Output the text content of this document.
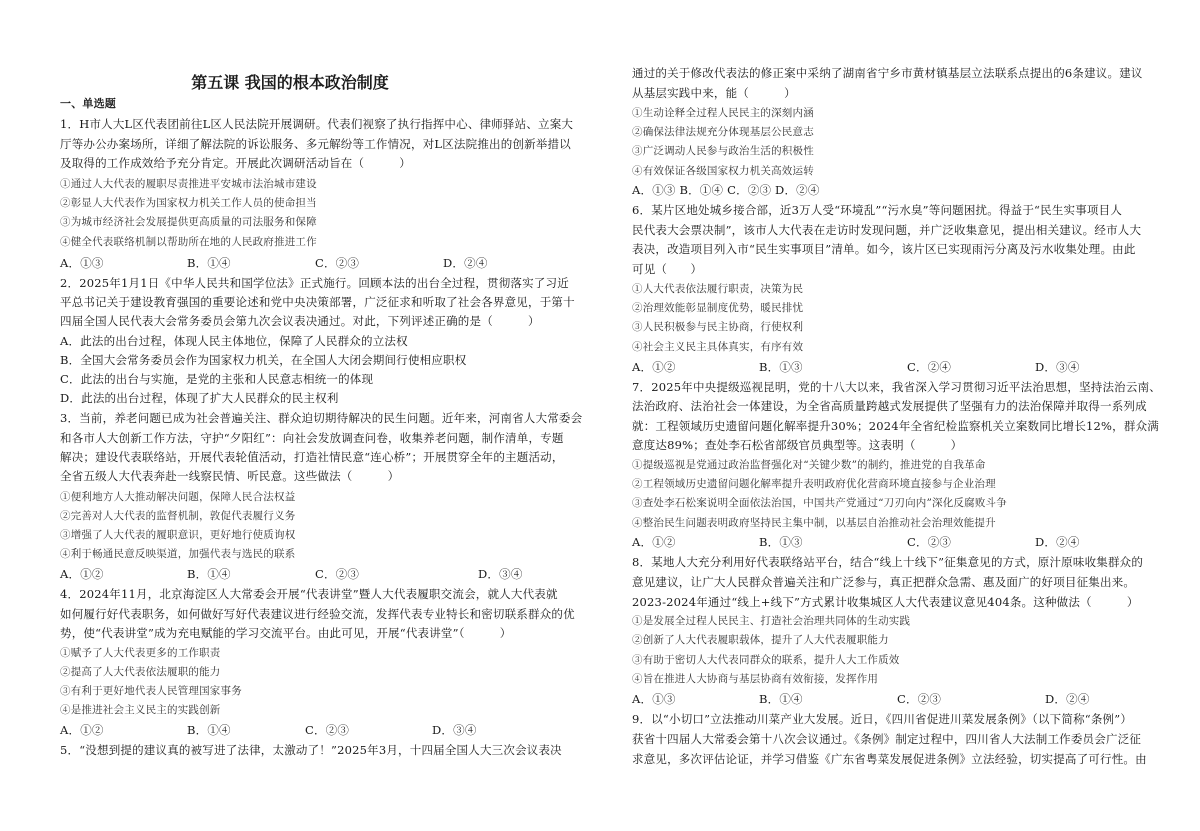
第五课 我国的根本政治制度
一、单选题
1．H市人大L区代表团前往L区人民法院开展调研。代表们视察了执行指挥中心、律师驿站、立案大
厅等办公办案场所，详细了解法院的诉讼服务、多元解纷等工作情况，对L区法院推出的创新举措以
及取得的工作成效给予充分肯定。开展此次调研活动旨在（　　　）
①通过人大代表的履职尽责推进平安城市法治城市建设
②彰显人大代表作为国家权力机关工作人员的使命担当
③为城市经济社会发展提供更高质量的司法服务和保障
④健全代表联络机制以帮助所在地的人民政府推进工作
A．①③	B．①④	C．②③	D．②④
2．2025年1月1日《中华人民共和国学位法》正式施行。回顾本法的出台全过程，贯彻落实了习近
平总书记关于建设教育强国的重要论述和党中央决策部署，广泛征求和听取了社会各界意见，于第十
四届全国人民代表大会常务委员会第九次会议表决通过。对此，下列评述正确的是（　　　）
A．此法的出台过程，体现人民主体地位，保障了人民群众的立法权
B．全国大会常务委员会作为国家权力机关，在全国人大闭会期间行使相应职权
C．此法的出台与实施，是党的主张和人民意志相统一的体现
D．此法的出台过程，体现了扩大人民群众的民主权利
3．当前，养老问题已成为社会普遍关注、群众迫切期待解决的民生问题。近年来，河南省人大常委会
和各市人大创新工作方法，守护“夕阳红”：向社会发放调查问卷，收集养老问题，制作清单，专题
解决；建设代表联络站，开展代表轮值活动，打造社情民意“连心桥”；开展贯穿全年的主题活动，
全省五级人大代表奔赴一线察民情、听民意。这些做法（　　　）
①便利地方人大推动解决问题，保障人民合法权益
②完善对人大代表的监督机制，敦促代表履行义务
③增强了人大代表的履职意识，更好地行使质询权
④利于畅通民意反映渠道，加强代表与选民的联系
A．①②	B．①④	C．②③	D．③④
4．2024年11月，北京海淀区人大常委会开展“代表讲堂”暨人大代表履职交流会，就人大代表就
如何履行好代表职务，如何做好写好代表建议进行经验交流，发挥代表专业特长和密切联系群众的优
势，使“代表讲堂”成为充电赋能的学习交流平台。由此可见，开展“代表讲堂”（　　　）
①赋予了人大代表更多的工作职责
②提高了人大代表依法履职的能力
③有利于更好地代表人民管理国家事务
④是推进社会主义民主的实践创新
A．①②	B．①④	C．②③	D．③④
5．“没想到提的建议真的被写进了法律，太激动了！”2025年3月，十四届全国人大三次会议表决
通过的关于修改代表法的修正案中采纳了湖南省宁乡市黄材镇基层立法联系点提出的6条建议。建议
从基层实践中来，能（　　　）
①生动诠释全过程人民民主的深刻内涵
②确保法律法规充分体现基层公民意志
③广泛调动人民参与政治生活的积极性
④有效保证各级国家权力机关高效运转
A．①③ B．①④ C．②③ D．②④
6．某片区地处城乡接合部，近3万人受“环境乱”“污水臭”等问题困扰。得益于“民生实事项目人
民代表大会票决制”，该市人大代表在走访时发现问题，并广泛收集意见，提出相关建议。经市人大
表决，改造项目列入市“民生实事项目”清单。如今，该片区已实现雨污分离及污水收集处理。由此
可见（　　）
①人大代表依法履行职责，决策为民
②治理效能彰显制度优势，暖民排忧
③人民积极参与民主协商，行使权利
④社会主义民主具体真实，有序有效
A．①②	B．①③	C．②④	D．③④
7．2025年中央提级巡视昆明，党的十八大以来，我省深入学习贯彻习近平法治思想，坚持法治云南、
法治政府、法治社会一体建设，为全省高质量跨越式发展提供了坚强有力的法治保障并取得一系列成
就：工程领域历史遗留问题化解率提升30%；2024年全省纪检监察机关立案数同比增长12%，群众满
意度达89%；查处李石松省部级官员典型等。这表明（　　　）
①提级巡视是党通过政治监督强化对“关键少数”的制约，推进党的自我革命
②工程领域历史遗留问题化解率提升表明政府优化营商环境直接参与企业治理
③查处李石松案说明全面依法治国，中国共产党通过“刀刃向内”深化反腐败斗争
④整治民生问题表明政府坚持民主集中制，以基层自治推动社会治理效能提升
A．①②	B．①③	C．②③	D．②④
8．某地人大充分利用好代表联络站平台，结合“线上十线下”征集意见的方式，原汁原味收集群众的
意见建议，让广大人民群众普遍关注和广泛参与，真正把群众急需、惠及面广的好项目征集出来。
2023-2024年通过“线上+线下”方式累计收集城区人大代表建议意见404条。这种做法（　　　）
①是发展全过程人民民主、打造社会治理共同体的生动实践
②创新了人大代表履职载体，提升了人大代表履职能力
③有助于密切人大代表同群众的联系，提升人大工作质效
④旨在推进人大协商与基层协商有效衔接，发挥作用
A．①③	B．①④	C．②③	D．②④
9．以“小切口”立法推动川菜产业大发展。近日，《四川省促进川菜发展条例》（以下简称“条例”）
获省十四届人大常委会第十八次会议通过。《条例》制定过程中，四川省人大法制工作委员会广泛征
求意见，多次评估论证，并学习借鉴《广东省粤菜发展促进条例》立法经验，切实提高了可行性。由
